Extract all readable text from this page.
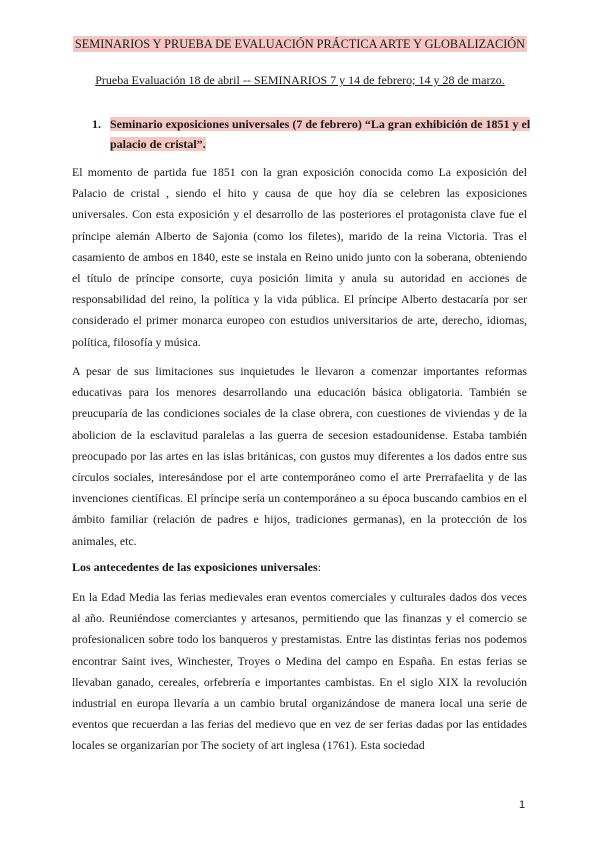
SEMINARIOS Y PRUEBA DE EVALUACIÓN PRÁCTICA ARTE Y GLOBALIZACIÓN
Prueba Evaluación 18 de abril -- SEMINARIOS 7 y 14 de febrero; 14 y 28 de marzo.
1. Seminario exposiciones universales (7 de febrero) “La gran exhibición de 1851 y el palacio de cristal”.

El momento de partida fue 1851 con la gran exposición conocida como La exposición del Palacio de cristal , siendo el hito y causa de que hoy día se celebren las exposiciones universales. Con esta exposición y el desarrollo de las posteriores el protagonista clave fue el príncipe alemán Alberto de Sajonia (como los filetes), marido de la reina Victoria. Tras el casamiento de ambos en 1840, este se instala en Reino unido junto con la soberana, obteniendo el título de príncipe consorte, cuya posición limita y anula su autoridad en acciones de responsabilidad del reino, la política y la vida pública. El príncipe Alberto destacaría por ser considerado el primer monarca europeo con estudios universitarios de arte, derecho, idiomas, política, filosofía y música.

A pesar de sus limitaciones sus inquietudes le llevaron a comenzar importantes reformas educativas para los menores desarrollando una educación básica obligatoria. También se preucuparía de las condiciones sociales de la clase obrera, con cuestiones de viviendas y de la abolicion de la esclavitud paralelas a las guerra de secesion estadounidense. Estaba también preocupado por las artes en las islas británicas, con gustos muy diferentes a los dados entre sus círculos sociales, interesándose por el arte contemporáneo como el arte Prerrafaelita y de las invenciones científicas. El príncipe sería un contemporáneo a su época buscando cambios en el ámbito familiar (relación de padres e hijos, tradiciones germanas), en la protección de los animales, etc.

Los antecedentes de las exposiciones universales:

En la Edad Media las ferias medievales eran eventos comerciales y culturales dados dos veces al año. Reuniéndose comerciantes y artesanos, permitiendo que las finanzas y el comercio se profesionalicen sobre todo los banqueros y prestamistas. Entre las distintas ferias nos podemos encontrar Saint ives, Winchester, Troyes o Medina del campo en España. En estas ferias se llevaban ganado, cereales, orfebrería e importantes cambistas. En el siglo XIX la revolución industrial en europa llevaría a un cambio brutal organizándose de manera local una serie de eventos que recuerdan a las ferias del medievo que en vez de ser ferias dadas por las entidades locales se organizarían por The society of art inglesa (1761). Esta sociedad

1
